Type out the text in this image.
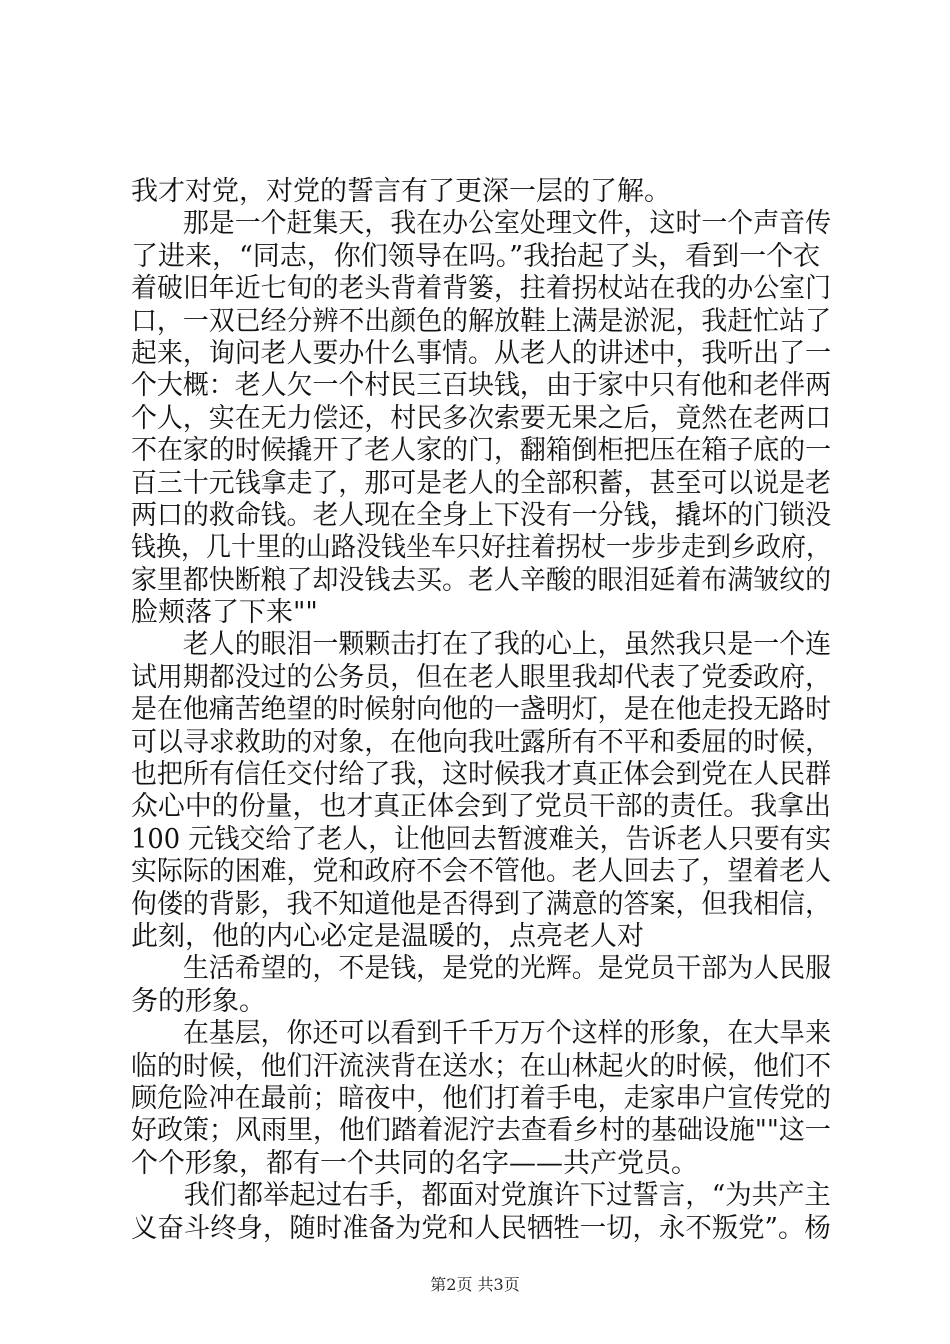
我才对党，对党的誓言有了更深一层的了解。
　　那是一个赶集天，我在办公室处理文件，这时一个声音传
了进来，“同志，你们领导在吗。”我抬起了头，看到一个衣
着破旧年近七旬的老头背着背篓，拄着拐杖站在我的办公室门
口，一双已经分辨不出颜色的解放鞋上满是淤泥，我赶忙站了
起来，询问老人要办什么事情。从老人的讲述中，我听出了一
个大概：老人欠一个村民三百块钱，由于家中只有他和老伴两
个人，实在无力偿还，村民多次索要无果之后，竟然在老两口
不在家的时候撬开了老人家的门，翻箱倒柜把压在箱子底的一
百三十元钱拿走了，那可是老人的全部积蓄，甚至可以说是老
两口的救命钱。老人现在全身上下没有一分钱，撬坏的门锁没
钱换，几十里的山路没钱坐车只好拄着拐杖一步步走到乡政府，
家里都快断粮了却没钱去买。老人辛酸的眼泪延着布满皱纹的
脸颊落了下来""
　　老人的眼泪一颗颗击打在了我的心上，虽然我只是一个连
试用期都没过的公务员，但在老人眼里我却代表了党委政府，
是在他痛苦绝望的时候射向他的一盏明灯，是在他走投无路时
可以寻求救助的对象，在他向我吐露所有不平和委屈的时候，
也把所有信任交付给了我，这时候我才真正体会到党在人民群
众心中的份量，也才真正体会到了党员干部的责任。我拿出
100 元钱交给了老人，让他回去暂渡难关，告诉老人只要有实
实际际的困难，党和政府不会不管他。老人回去了，望着老人
佝偻的背影，我不知道他是否得到了满意的答案，但我相信，
此刻，他的内心必定是温暖的，点亮老人对
　　生活希望的，不是钱，是党的光辉。是党员干部为人民服
务的形象。
　　在基层，你还可以看到千千万万个这样的形象，在大旱来
临的时候，他们汗流浃背在送水；在山林起火的时候，他们不
顾危险冲在最前；暗夜中，他们打着手电，走家串户宣传党的
好政策；风雨里，他们踏着泥泞去查看乡村的基础设施""这一
个个形象，都有一个共同的名字——共产党员。
　　我们都举起过右手，都面对党旗许下过誓言，“为共产主
义奋斗终身，随时准备为党和人民牺牲一切，永不叛党”。杨
第2页 共3页
